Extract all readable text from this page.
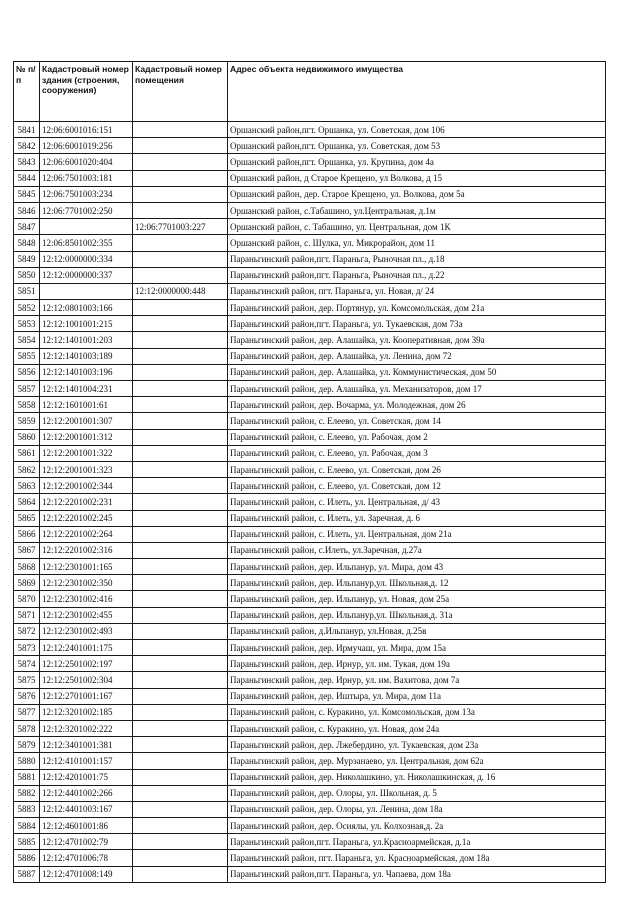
№ п/п	Кадастровый номер здания (строения, сооружения)	Кадастровый номер помещения	Адрес объекта недвижимого имущества
5841	12:06:6001016:151		Оршанский район,пгт. Оршанка, ул. Советская, дом 106
5842	12:06:6001019:256		Оршанский район,пгт. Оршанка, ул. Советская, дом 53
5843	12:06:6001020:404		Оршанский район,пгт. Оршанка, ул. Крупина, дом 4а
5844	12:06:7501003:181		Оршанский район, д Старое Крещено, ул Волкова, д 15
5845	12:06:7501003:234		Оршанский район, дер. Старое Крещено, ул. Волкова, дом 5а
5846	12:06:7701002:250		Оршанский район, с.Табашино, ул.Центральная, д.1м
5847		12:06:7701003:227	Оршанский район, с. Табашино, ул. Центральная, дом 1К
5848	12:06:8501002:355		Оршанский район, с. Шулка, ул. Микрорайон, дом 11
5849	12:12:0000000:334		Параньгинский район,пгт. Параньга, Рыночная пл., д.18
5850	12:12:0000000:337		Параньгинский район,пгт. Параньга, Рыночная пл., д.22
5851		12:12:0000000:448	Параньгинский район, пгт. Параньга, ул. Новая, д/ 24
5852	12:12:0801003:166		Параньгинский район, дер. Портянур, ул. Комсомольская, дом 21а
5853	12:12:1001001:215		Параньгинский район,пгт. Параньга, ул. Тукаевская, дом 73а
5854	12:12:1401001:203		Параньгинский район, дер. Алашайка, ул. Кооперативная, дом 39а
5855	12:12:1401003:189		Параньгинский район, дер. Алашайка, ул. Ленина, дом 72
5856	12:12:1401003:196		Параньгинский район, дер. Алашайка, ул. Коммунистическая, дом 50
5857	12:12:1401004:231		Параньгинский район, дер. Алашайка, ул. Механизаторов, дом 17
5858	12:12:1601001:61		Параньгинский район, дер. Вочарма, ул. Молодежная, дом 26
5859	12:12:2001001:307		Параньгинский район, с. Елеево, ул. Советская, дом 14
5860	12:12:2001001:312		Параньгинский район, с. Елеево, ул. Рабочая, дом 2
5861	12:12:2001001:322		Параньгинский район, с. Елеево, ул. Рабочая, дом 3
5862	12:12:2001001:323		Параньгинский район, с. Елеево, ул. Советская, дом 26
5863	12:12:2001002:344		Параньгинский район, с. Елеево, ул. Советская, дом 12
5864	12:12:2201002:231		Параньгинский район, с. Илеть, ул. Центральная, д/ 43
5865	12:12:2201002:245		Параньгинский район, с. Илеть, ул. Заречная, д. 6
5866	12:12:2201002:264		Параньгинский район, с. Илеть, ул. Центральная, дом 21а
5867	12:12:2201002:316		Параньгинский район, с.Илеть, ул.Заречная, д.27а
5868	12:12:2301001:165		Параньгинский район, дер. Ильпанур, ул. Мира, дом 43
5869	12:12:2301002:350		Параньгинский район, дер. Ильпанур,ул. Школьная,д. 12
5870	12:12:2301002:416		Параньгинский район, дер. Ильпанур, ул. Новая, дом 25а
5871	12:12:2301002:455		Параньгинский район, дер. Ильпанур,ул. Школьная,д. 31а
5872	12:12:2301002:493		Параньгинский район, д.Ильпанур, ул.Новая, д.25в
5873	12:12:2401001:175		Параньгинский район, дер. Ирмучаш, ул. Мира, дом 15а
5874	12:12:2501002:197		Параньгинский район, дер. Ирнур, ул. им. Тукая, дом 19а
5875	12:12:2501002:304		Параньгинский район, дер. Ирнур, ул. им. Вахитова, дом 7а
5876	12:12:2701001:167		Параньгинский район, дер. Иштыра, ул. Мира, дом 11а
5877	12:12:3201002:185		Параньгинский район, с. Куракино, ул. Комсомольская, дом 13а
5878	12:12:3201002:222		Параньгинский район, с. Куракино, ул. Новая, дом 24а
5879	12:12:3401001:381		Параньгинский район, дер. Лжебердино, ул. Тукаевская, дом 23а
5880	12:12:4101001:157		Параньгинский район, дер. Мурзанаево, ул. Центральная, дом 62а
5881	12:12:4201001:75		Параньгинский район, дер. Николашкино, ул. Николашкинская, д. 16
5882	12:12:4401002:266		Параньгинский район, дер. Олоры, ул. Школьная, д. 5
5883	12:12:4401003:167		Параньгинский район, дер. Олоры, ул. Ленина, дом 18а
5884	12:12:4601001:86		Параньгинский район, дер. Осиялы, ул. Колхозная,д. 2а
5885	12:12:4701002:79		Параньгинский район,пгт. Параньга, ул.Красноармейская, д.1а
5886	12:12:4701006:78		Параньгинский район, пгт. Параньга, ул. Красноармейская, дом 18а
5887	12:12:4701008:149		Параньгинский район,пгт. Параньга, ул. Чапаева, дом 18а
